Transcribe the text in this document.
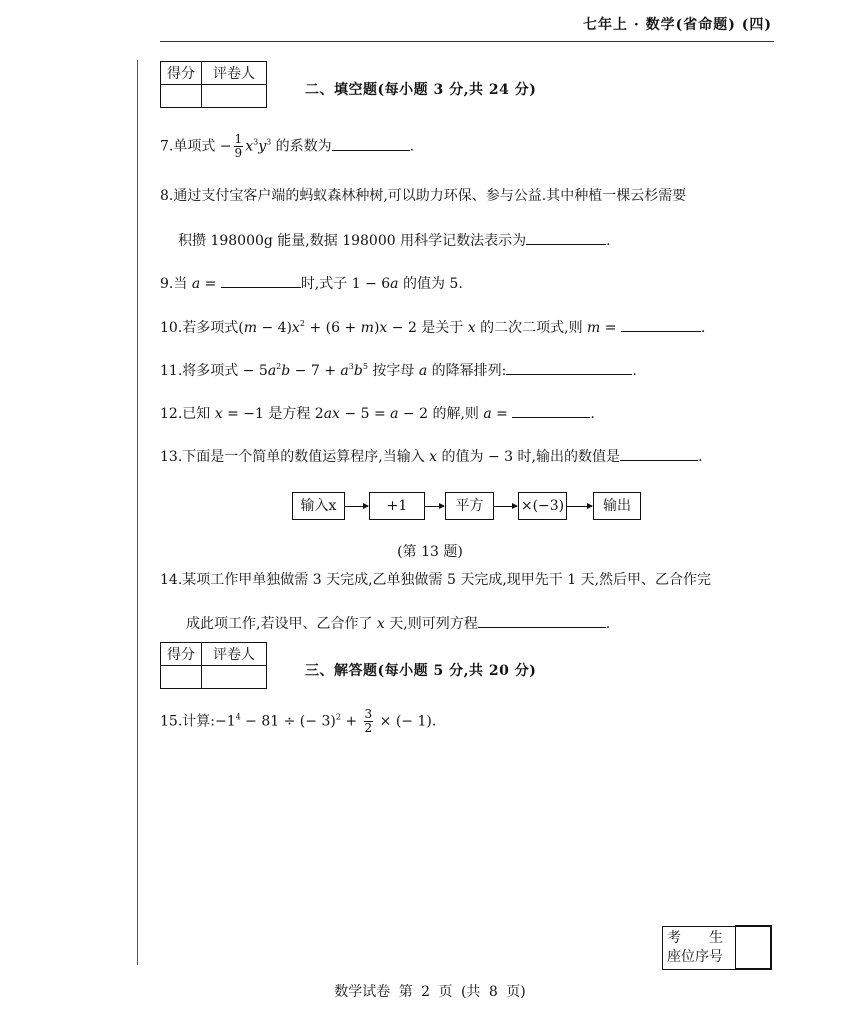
七年上 · 数学(省命题) (四)
得分	评卷人

二、填空题(每小题 3 分,共 24 分)
7.单项式 − $\frac{1}{9} x^3y^3$ 的系数为	.
8.通过支付宝客户端的蚂蚁森林种树,可以助力环保、参与公益.其中种植一棵云杉需要
积攒 198000g 能量,数据 198000 用科学记数法表示为	.
9.当 a =	时,式子 1 − 6a 的值为 5.
10.若多项式$(m - 4)x^2 + (6 + m)x - 2$ 是关于 x 的二次二项式,则 m =	.
11.将多项式 − $5a^2b - 7 + a^3b^5$ 按字母 a 的降幂排列:	.
12.已知 x = −1 是方程 2ax − 5 = a − 2 的解,则 a =	.
13.下面是一个简单的数值运算程序,当输入 x 的值为 − 3 时,输出的数值是	.
输入x	+1	平方	×(−3)	输出
(第 13 题)
14.某项工作甲单独做需 3 天完成,乙单独做需 5 天完成,现甲先干 1 天,然后甲、乙合作完
成此项工作,若设甲、乙合作了 x 天,则可列方程	.
得分	评卷人

三、解答题(每小题 5 分,共 20 分)
15.计算$:-1^4 - 81$ ÷ (− $3)^2 + \frac{3}{2}$ × (− 1).
考　　生
座位序号	
数学试卷 第 2 页 (共 8 页)
